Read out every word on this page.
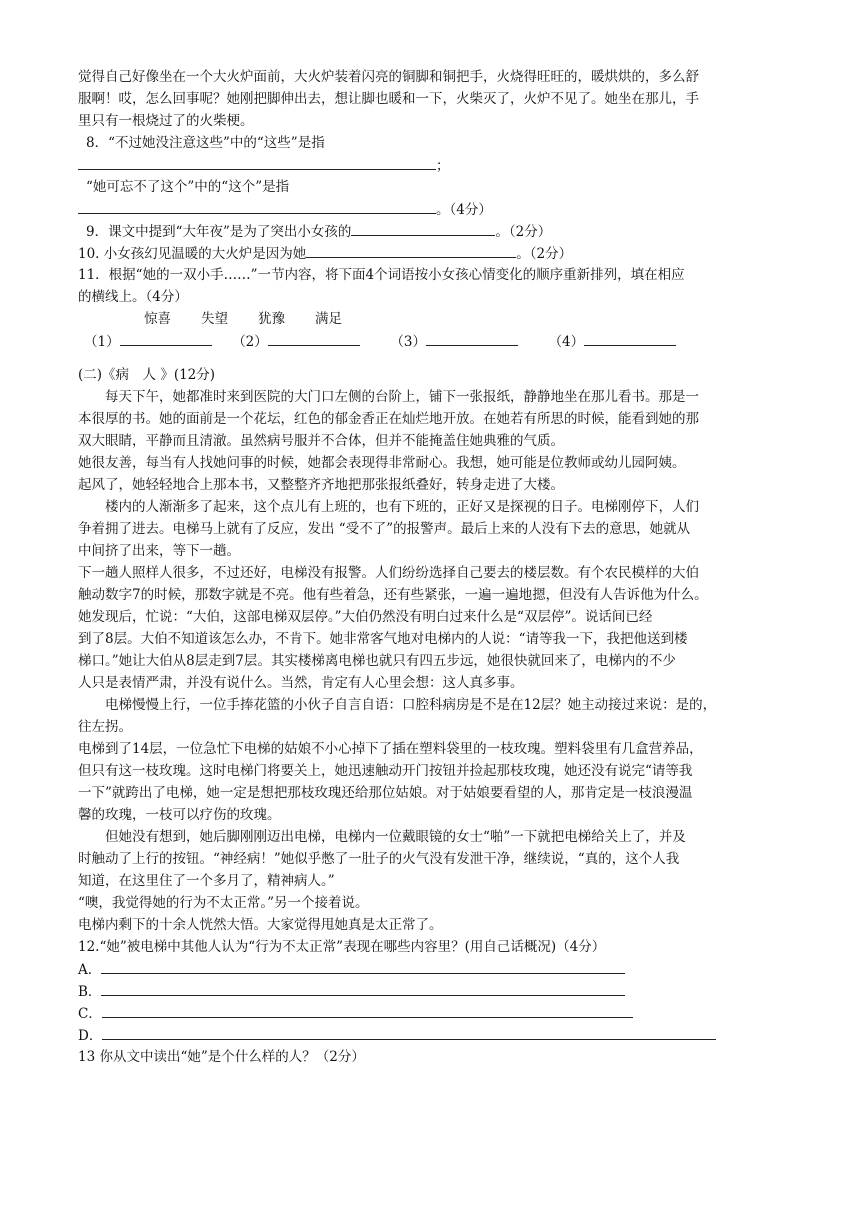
觉得自己好像坐在一个大火炉面前，大火炉装着闪亮的铜脚和铜把手，火烧得旺旺的，暖烘烘的，多么舒
服啊！哎，怎么回事呢？她刚把脚伸出去，想让脚也暖和一下，火柴灭了，火炉不见了。她坐在那儿，手
里只有一根烧过了的火柴梗。
8．“不过她没注意这些”中的“这些”是指
；
“她可忘不了这个”中的“这个”是指
。（4分）
9．课文中提到“大年夜”是为了突出小女孩的	。（2分）
10. 小女孩幻见温暖的大火炉是因为她	。（2分）
11．根据“她的一双小手……”一节内容，将下面4个词语按小女孩心情变化的顺序重新排列，填在相应
的横线上。（4分）
惊喜 失望 犹豫 满足
（1）	（2）	（3）	（4）
(二)《病　人 》(12分)
每天下午，她都准时来到医院的大门口左侧的台阶上，铺下一张报纸，静静地坐在那儿看书。那是一
本很厚的书。她的面前是一个花坛，红色的郁金香正在灿烂地开放。在她若有所思的时候，能看到她的那
双大眼睛，平静而且清澈。虽然病号服并不合体，但并不能掩盖住她典雅的气质。
她很友善，每当有人找她问事的时候，她都会表现得非常耐心。我想，她可能是位教师或幼儿园阿姨。
起风了，她轻轻地合上那本书，又整整齐齐地把那张报纸叠好，转身走进了大楼。
楼内的人渐渐多了起来，这个点儿有上班的，也有下班的，正好又是探视的日子。电梯刚停下，人们
争着拥了进去。电梯马上就有了反应，发出 “受不了”的报警声。最后上来的人没有下去的意思，她就从
中间挤了出来，等下一趟。
下一趟人照样人很多，不过还好，电梯没有报警。人们纷纷选择自己要去的楼层数。有个农民模样的大伯
触动数字7的时候，那数字就是不亮。他有些着急，还有些紧张，一遍一遍地摁，但没有人告诉他为什么。
她发现后，忙说：“大伯，这部电梯双层停。”大伯仍然没有明白过来什么是“双层停”。说话间已经
到了8层。大伯不知道该怎么办，不肯下。她非常客气地对电梯内的人说：“请等我一下，我把他送到楼
梯口。”她让大伯从8层走到7层。其实楼梯离电梯也就只有四五步远，她很快就回来了，电梯内的不少
人只是表情严肃，并没有说什么。当然，肯定有人心里会想：这人真多事。
电梯慢慢上行，一位手捧花篮的小伙子自言自语：口腔科病房是不是在12层？她主动接过来说：是的，
往左拐。
电梯到了14层，一位急忙下电梯的姑娘不小心掉下了插在塑料袋里的一枝玫瑰。塑料袋里有几盒营养品，
但只有这一枝玫瑰。这时电梯门将要关上，她迅速触动开门按钮并捡起那枝玫瑰，她还没有说完“请等我
一下”就跨出了电梯，她一定是想把那枝玫瑰还给那位姑娘。对于姑娘要看望的人，那肯定是一枝浪漫温
馨的玫瑰，一枝可以疗伤的玫瑰。
但她没有想到，她后脚刚刚迈出电梯，电梯内一位戴眼镜的女士“啪”一下就把电梯给关上了，并及
时触动了上行的按钮。“神经病！”她似乎憋了一肚子的火气没有发泄干净，继续说，“真的，这个人我
知道，在这里住了一个多月了，精神病人。”
“噢，我觉得她的行为不太正常。”另一个接着说。
电梯内剩下的十余人恍然大悟。大家觉得甩她真是太正常了。
12.“她”被电梯中其他人认为“行为不太正常”表现在哪些内容里？(用自己话概况)（4分）
A．
B．
C．
D．
13 你从文中读出“她”是个什么样的人？（2分）
